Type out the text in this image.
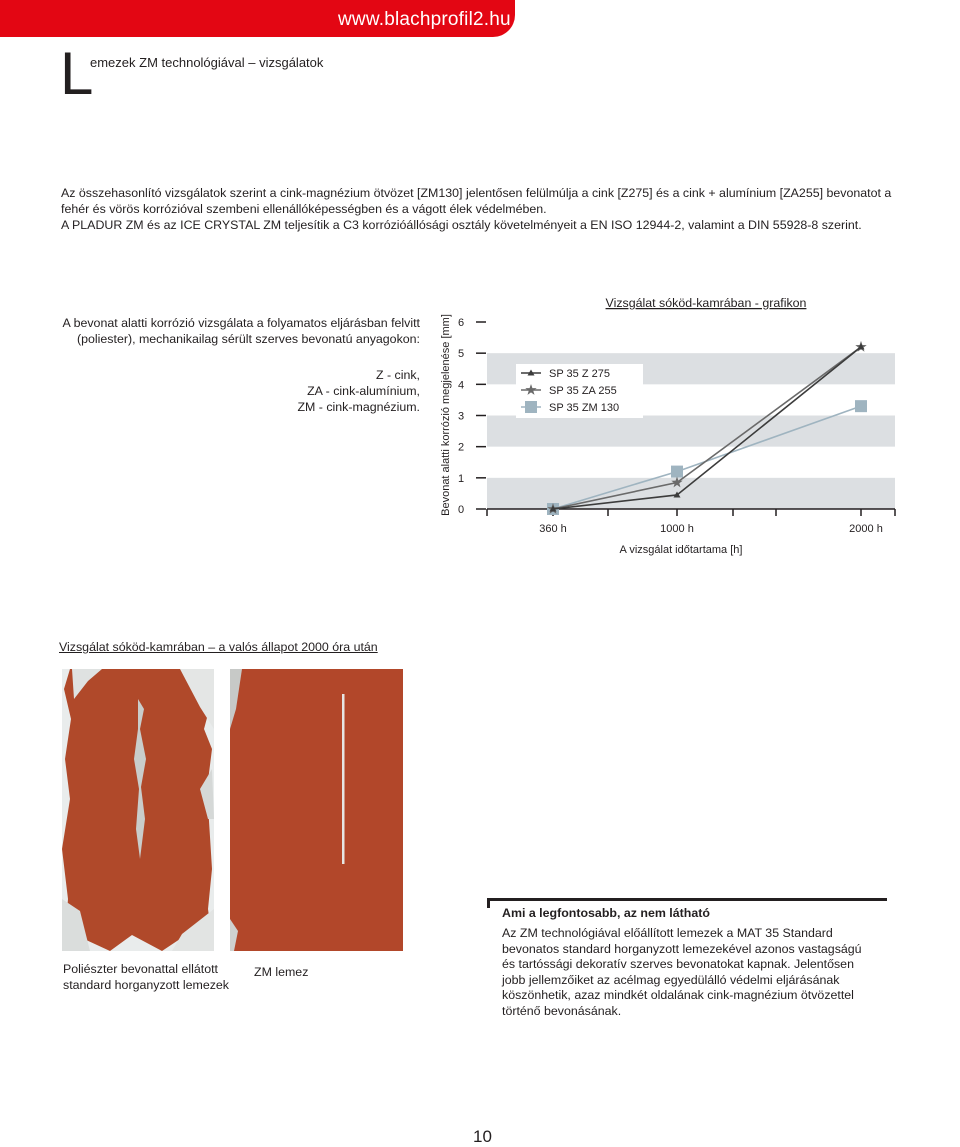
www.blachprofil2.hu
L
emezek ZM technológiával – vizsgálatok

Az összehasonlító vizsgálatok szerint a cink-magnézium ötvözet [ZM130] jelentősen felülmúlja a cink [Z275] és a cink + alumínium [ZA255] bevonatot a fehér és vörös korrózióval szembeni ellenállóképességben és a vágott élek védelmében.

A PLADUR ZM és az ICE CRYSTAL ZM teljesítik a C3 korrózióállósági osztály követelményeit a EN ISO 12944-2, valamint a DIN 55928-8 szerint.

A bevonat alatti korrózió vizsgálata a folyamatos eljárásban felvitt (poliester), mechanikailag sérült szerves bevonatú anyagokon:

Z - cink,

ZA - cink-alumínium,

ZM - cink-magnézium.

Vizsgálat sóköd-kamrában - grafikon
Bevonat alatti korrózió megjelenése [mm] 0
1
2
3
4
5
6
360 h	1000 h	2000 h
A vizsgálat időtartama [h]
SP 35 Z 275
SP 35 ZA 255
SP 35 ZM 130
Vizsgálat sóköd-kamrában – a valós állapot 2000 óra után
Poliészter bevonattal ellátott standard horganyzott lemezek
ZM lemez
Ami a legfontosabb, az nem látható
Az ZM technológiával előállított lemezek a MAT 35 Standard bevonatos standard horganyzott lemezekével azonos vastagságú és tartóssági dekoratív szerves bevonatokat kapnak. Jelentősen jobb jellemzőiket az acélmag egyedülálló védelmi eljárásának köszönhetik, azaz mindkét oldalának cink-magnézium ötvözettel történő bevonásának.
10
